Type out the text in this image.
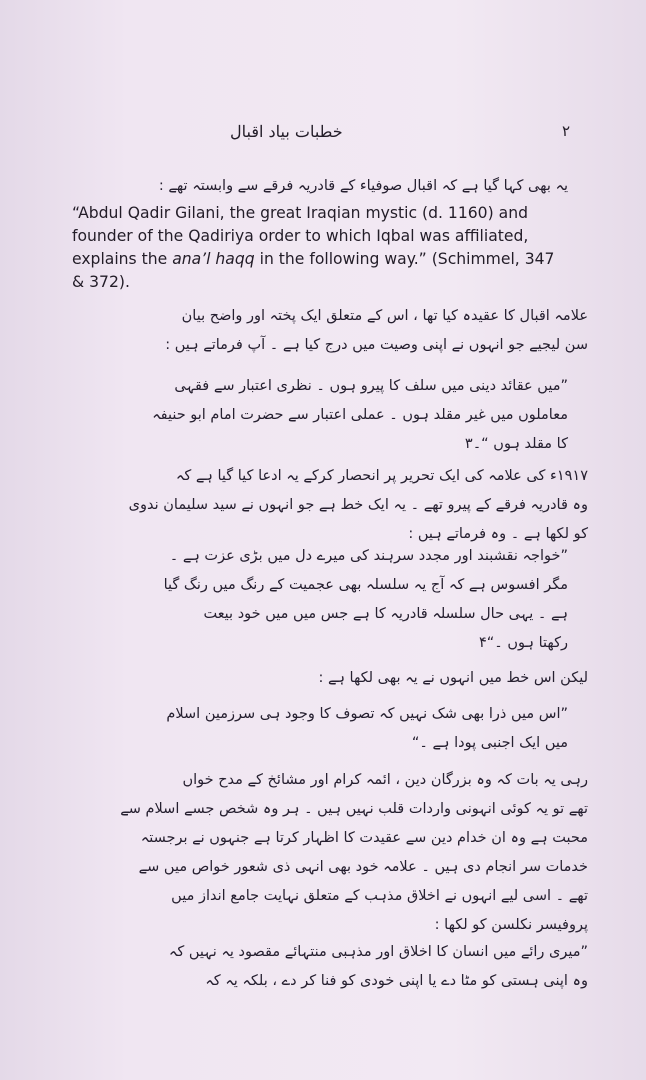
خطبات بیاد اقبال	۲

یہ بھی کہا گیا ہے کہ اقبال صوفیاء کے قادریہ فرقے سے وابستہ تھے :

“Abdul Qadir Gilani, the great Iraqian mystic (d. 1160) and

founder of the Qadiriya order to which Iqbal was affiliated,

explains the ana’l haqq in the following way.” (Schimmel, 347

& 372).

علامہ اقبال کا عقیدہ کیا تھا ، اس کے متعلق ایک پختہ اور واضح بیان

سن لیجیے جو انہوں نے اپنی وصیت میں درج کیا ہے ۔ آپ فرماتے ہیں :

”میں عقائد دینی میں سلف کا پیرو ہوں ۔ نظری اعتبار سے فقہی

معاملوں میں غیر مقلد ہوں ۔ عملی اعتبار سے حضرت امام ابو حنیفہ

کا مقلد ہوں “۔۳

۱۹۱۷ء کی علامہ کی ایک تحریر پر انحصار کرکے یہ ادعا کیا گیا ہے کہ

وہ قادریہ فرقے کے پیرو تھے ۔ یہ ایک خط ہے جو انہوں نے سید سلیمان ندوی

کو لکھا ہے ۔ وہ فرماتے ہیں :

”خواجہ نقشبند اور مجدد سرہند کی میرے دل میں بڑی عزت ہے ۔

مگر افسوس ہے کہ آج یہ سلسلہ بھی عجمیت کے رنگ میں رنگ گیا

ہے ۔ یہی حال سلسلہ قادریہ کا ہے جس میں میں خود بیعت

رکھتا ہوں ۔“۴

لیکن اس خط میں انہوں نے یہ بھی لکھا ہے :

”اس میں ذرا بھی شک نہیں کہ تصوف کا وجود ہی سرزمین اسلام

میں ایک اجنبی پودا ہے ۔“

رہی یہ بات کہ وہ بزرگان دین ، ائمہ کرام اور مشائخ کے مدح خواں

تھے تو یہ کوئی انہونی واردات قلب نہیں ہیں ۔ ہر وہ شخص جسے اسلام سے

محبت ہے وہ ان خدام دین سے عقیدت کا اظہار کرتا ہے جنہوں نے برجستہ

خدمات سر انجام دی ہیں ۔ علامہ خود بھی انہی ذی شعور خواص میں سے

تھے ۔ اسی لیے انہوں نے اخلاق مذہب کے متعلق نہایت جامع انداز میں

پروفیسر نکلسن کو لکھا :

”میری رائے میں انسان کا اخلاق اور مذہبی منتہائے مقصود یہ نہیں کہ

وہ اپنی ہستی کو مٹا دے یا اپنی خودی کو فنا کر دے ، بلکہ یہ کہ
